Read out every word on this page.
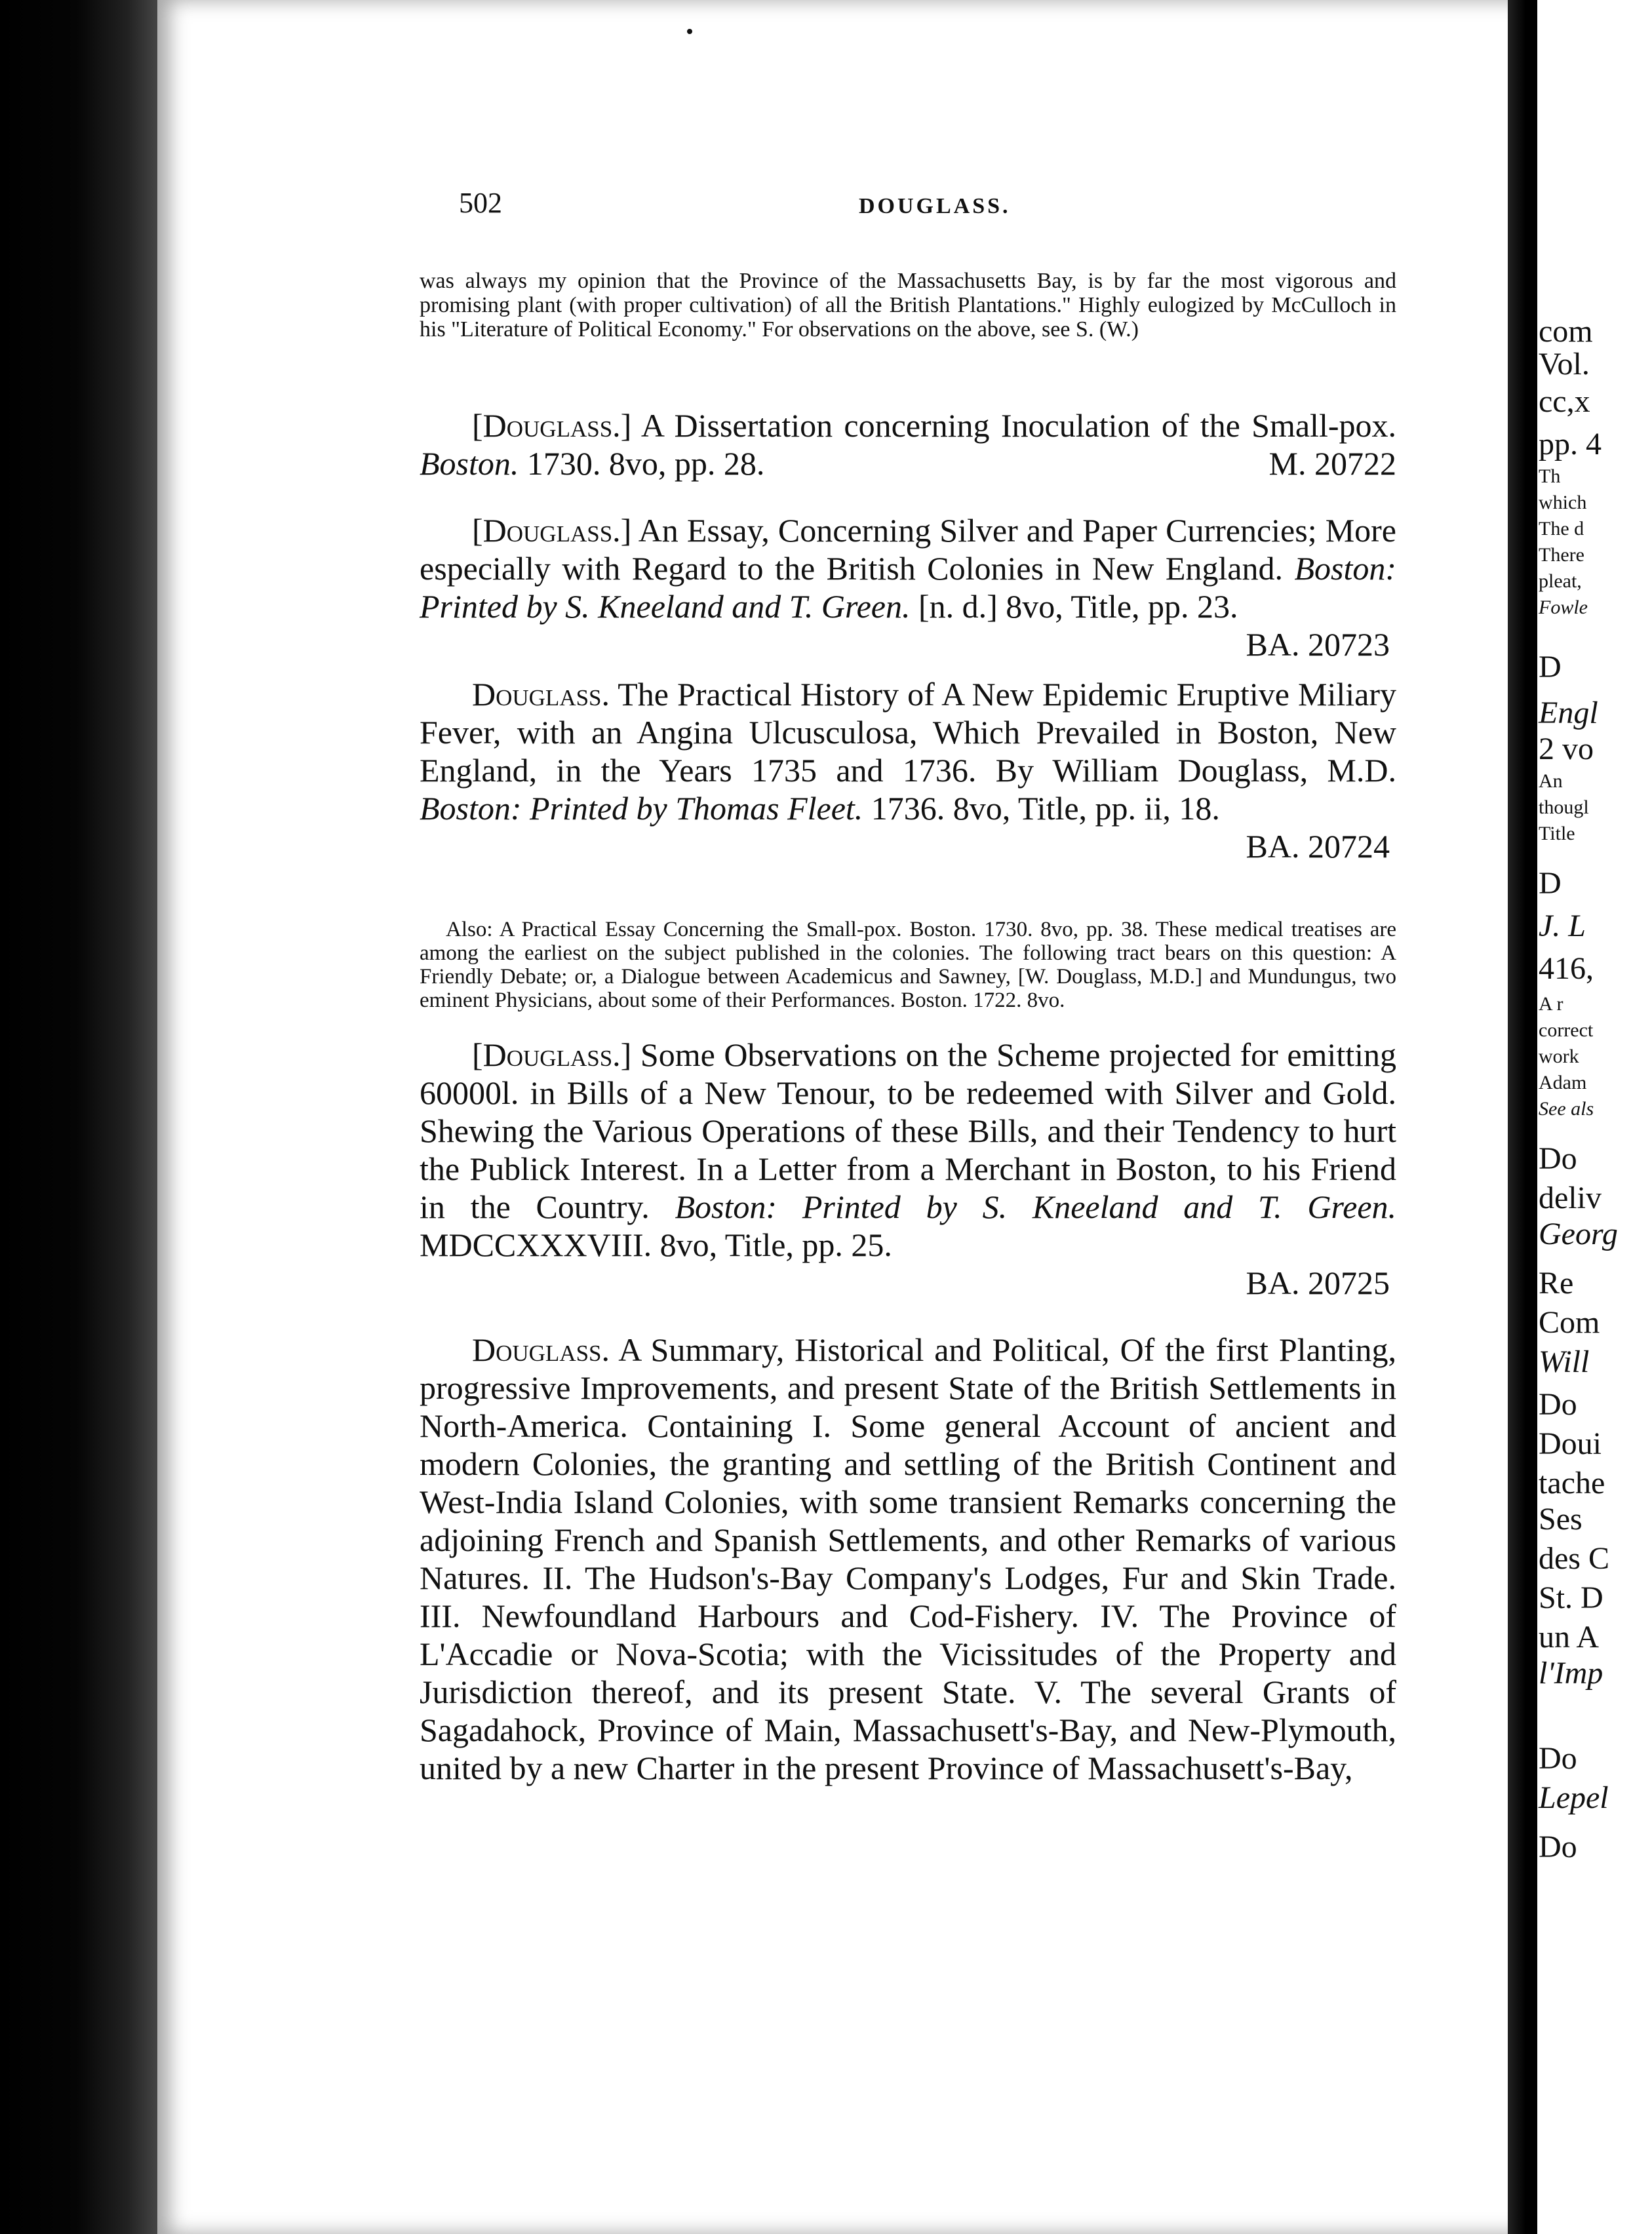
502	DOUGLASS.

was always my opinion that the Province of the Massachusetts Bay, is by far the most vigorous and promising plant (with proper cultivation) of all the British Plantations." Highly eulogized by McCulloch in his "Literature of Political Economy." For observations on the above, see S. (W.)

[Douglass.] A Dissertation concerning Inoculation of the Small-pox. Boston. 1730. 8vo, pp. 28.	M. 20722

[Douglass.] An Essay, Concerning Silver and Paper Currencies; More especially with Regard to the British Colonies in New England. Boston: Printed by S. Kneeland and T. Green. [n. d.] 8vo, Title, pp. 23.
BA. 20723

Douglass. The Practical History of A New Epidemic Eruptive Miliary Fever, with an Angina Ulcusculosa, Which Prevailed in Boston, New England, in the Years 1735 and 1736. By William Douglass, M.D. Boston: Printed by Thomas Fleet. 1736. 8vo, Title, pp. ii, 18.
BA. 20724

Also: A Practical Essay Concerning the Small-pox. Boston. 1730. 8vo, pp. 38. These medical treatises are among the earliest on the subject published in the colonies. The following tract bears on this question: A Friendly Debate; or, a Dialogue between Academicus and Sawney, [W. Douglass, M.D.] and Mundungus, two eminent Physicians, about some of their Performances. Boston. 1722. 8vo.

[Douglass.] Some Observations on the Scheme projected for emitting 60000l. in Bills of a New Tenour, to be redeemed with Silver and Gold. Shewing the Various Operations of these Bills, and their Tendency to hurt the Publick Interest. In a Letter from a Merchant in Boston, to his Friend in the Country. Boston: Printed by S. Kneeland and T. Green. MDCCXXXVIII. 8vo, Title, pp. 25.
BA. 20725

Douglass. A Summary, Historical and Political, Of the first Planting, progressive Improvements, and present State of the British Settlements in North-America. Containing I. Some general Account of ancient and modern Colonies, the granting and settling of the British Continent and West-India Island Colonies, with some transient Remarks concerning the adjoining French and Spanish Settlements, and other Remarks of various Natures. II. The Hudson's-Bay Company's Lodges, Fur and Skin Trade. III. Newfoundland Harbours and Cod-Fishery. IV. The Province of L'Accadie or Nova-Scotia; with the Vicissitudes of the Property and Jurisdiction thereof, and its present State. V. The several Grants of Sagadahock, Province of Main, Massachusett's-Bay, and New-Plymouth, united by a new Charter in the present Province of Massachusett's-Bay,

com
Vol.
cc,x
pp. 4
Th
which
The d
There
pleat,
Fowle
D
Engl
2 vo
An
thougl
Title
D
J. L
416,
A r
correct
work
Adam
See als
Do
deliv
Georg
Re
Com
Will
Do
Doui
tache
Ses
des C
St. D
un A
l'Imp
Do
Lepel
Do
